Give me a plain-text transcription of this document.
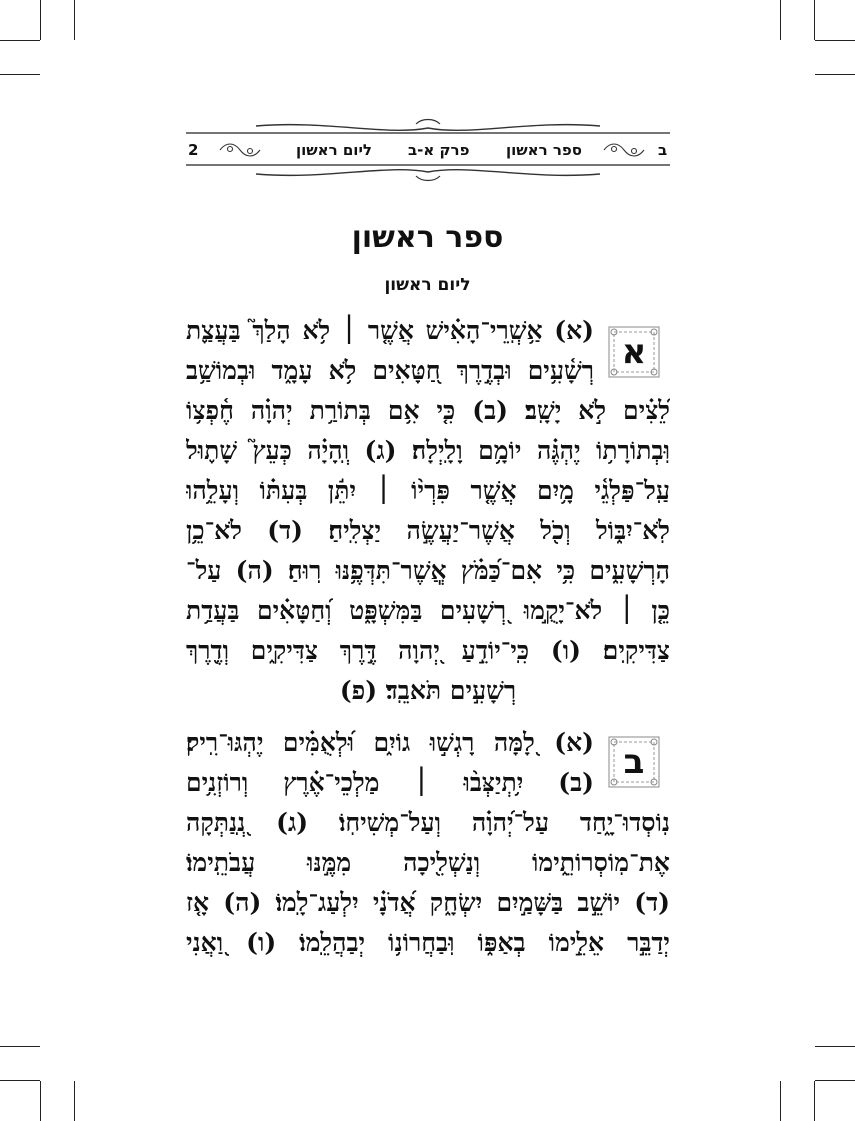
2	ליום ראשון פרק א-ב ספר ראשון	ב
ספר ראשון
ליום ראשון
א
(א) אַ֥שְֽׁרֵי־הָאִ֗ישׁ אֲשֶׁ֤ר ׀ לֹ֥א הָלַךְ֮ בַּעֲצַ֪ת
רְשָׁ֫עִ֥ים וּבְדֶ֣רֶךְ חַ֭טָּאִים לֹ֥א עָמָ֑ד וּבְמוֹשַׁ֥ב
לֵ֝צִ֗ים לֹ֣א יָשָֽׁב׃ (ב) כִּ֤י אִ֥ם בְּתוֹרַ֥ת יְהוָ֗ה חֶ֫פְצ֥וֹ
וּֽבְתוֹרָת֥וֹ יֶהְגֶּ֗ה יוֹמָ֥ם וָלָֽיְלָה׃ (ג) וְֽהָיָ֗ה כְּעֵץ֮ שָׁת֪וּל
עַֽל־פַּלְגֵ֫י מָ֥יִם אֲשֶׁ֤ר פִּרְי֨וֹ ׀ יִתֵּ֬ן בְּעִתּ֗וֹ וְעָלֵ֥הוּ
לֹֽא־יִבּ֑וֹל וְכֹ֖ל אֲשֶׁר־יַעֲשֶׂ֣ה יַצְלִֽיחַ׃ (ד) לֹא־כֵ֥ן
הָרְשָׁעִ֑ים כִּ֥י אִם־כַּ֝מֹּ֗ץ אֲֽשֶׁר־תִּדְּפֶ֥נּוּ רֽוּחַ׃ (ה) עַל־
כֵּ֤ן ׀ לֹא־יָקֻ֣מוּ רְ֭שָׁעִים בַּמִּשְׁפָּ֑ט וְ֝חַטָּאִ֗ים בַּעֲדַ֥ת
צַדִּיקִֽים׃ (ו) כִּֽי־יוֹדֵ֣עַ יְ֭הוָה דֶּ֣רֶךְ צַדִּיקִ֑ים וְדֶ֖רֶךְ
רְשָׁעִ֣ים תֹּאבֵֽד׃ (פ)
ב
(א) לָ֭מָּה רָגְשׁ֣וּ גוֹיִ֑ם וּ֝לְאֻמִּ֗ים יֶהְגּוּ־רִֽיק׃
(ב) יִ֥תְיַצְּב֨וּ ׀ מַלְכֵי־אֶ֗רֶץ וְרוֹזְנִ֥ים
נֽוֹסְדוּ־יָ֑חַד עַל־יְ֝הוָ֗ה וְעַל־מְשִׁיחֽוֹ׃ (ג) נְֽ֭נַתְּקָה
אֶת־מֽוֹסְרוֹתֵ֑ימוֹ וְנַשְׁלִ֖יכָה מִמֶּ֣נּוּ עֲבֹתֵֽימוֹ׃
(ד) יוֹשֵׁ֣ב בַּשָּׁמַ֣יִם יִשְׂחָ֑ק אֲ֝דֹנָ֗י יִלְעַג־לָֽמוֹ׃ (ה) אָ֤ז
יְדַבֵּ֣ר אֵלֵ֣ימוֹ בְאַפּ֑וֹ וּֽבַחֲרוֹנ֥וֹ יְבַהֲלֵֽמוֹ׃ (ו) וַ֭אֲנִי
